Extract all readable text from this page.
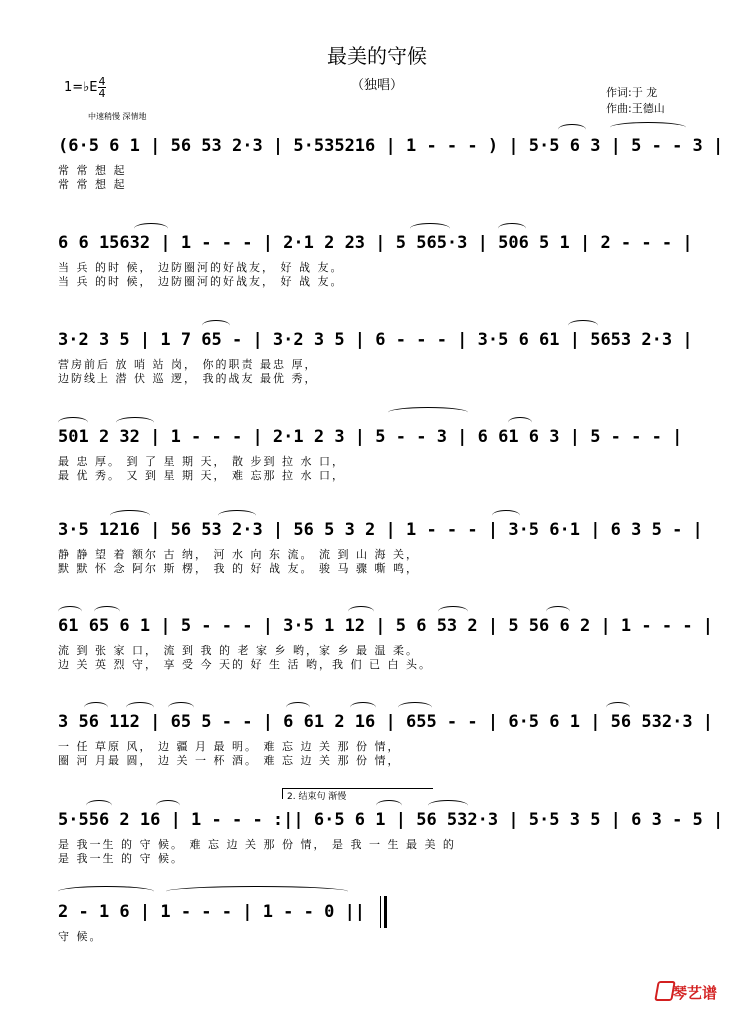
最美的守候
（独唱）
1=♭E 4
4
中速稍慢 深情地
作词:于 龙
作曲:王德山
(6·5 6 1 | 56 53 2·3 | 5·535216 | 1 - - - ) | 5·5 6 3 | 5 - - 3 |
常 常 想 起
常 常 想 起
6 6 15632 | 1 - - - | 2·1 2 23 | 5 565·3 | 506 5 1 | 2 - - - |
当 兵 的时 候， 边防圈河的好战友， 好 战 友。
当 兵 的时 候， 边防圈河的好战友， 好 战 友。
3·2 3 5 | 1 7 65 - | 3·2 3 5 | 6 - - - | 3·5 6 61 | 5653 2·3 |
营房前后 放 哨 站 岗， 你的职责 最忠 厚，
边防线上 潜 伏 巡 逻， 我的战友 最优 秀，
501 2 32 | 1 - - - | 2·1 2 3 | 5 - - 3 | 6 61 6 3 | 5 - - - |
最 忠 厚。 到 了 星 期 天， 散 步到 拉 水 口，
最 优 秀。 又 到 星 期 天， 难 忘那 拉 水 口，
3·5 1216 | 56 53 2·3 | 56 5 3 2 | 1 - - - | 3·5 6·1 | 6 3 5 - |
静 静 望 着 额尔 古 纳， 河 水 向 东 流。 流 到 山 海 关，
默 默 怀 念 阿尔 斯 楞， 我 的 好 战 友。 骏 马 骤 嘶 鸣，
61 65 6 1 | 5 - - - | 3·5 1 12 | 5 6 53 2 | 5 56 6 2 | 1 - - - |
流 到 张 家 口， 流 到 我 的 老 家 乡 哟，家 乡 最 温 柔。
边 关 英 烈 守， 享 受 今 天的 好 生 活 哟，我 们 已 白 头。
3 56 112 | 65 5 - - | 6 61 2 16 | 655 - - | 6·5 6 1 | 56 532·3 |
一 任 草原 风， 边 疆 月 最 明。 难 忘 边 关 那 份 情，
圈 河 月最 圆， 边 关 一 杯 酒。 难 忘 边 关 那 份 情，
5·556 2 16 | 1 - - - :|| 6·5 6 1 | 56 532·3 | 5·5 3 5 | 6 3 - 5 |
是 我一生 的 守 候。 难 忘 边 关 那 份 情， 是 我 一 生 最 美 的
是 我一生 的 守 候。
2. 结束句 渐慢
2 - 1 6 | 1 - - - | 1 - - 0 ||
守 候。
琴艺谱
